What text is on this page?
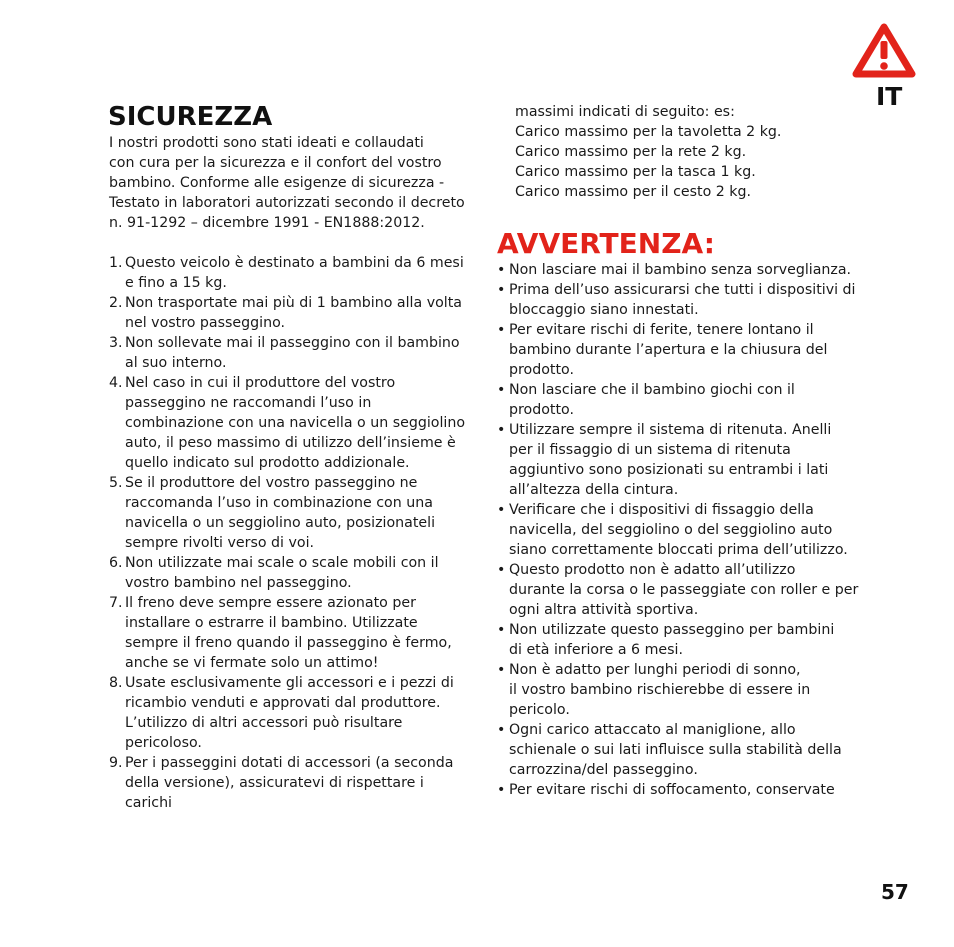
IT
SICUREZZA

I nostri prodotti sono stati ideati e collaudati

con cura per la sicurezza e il confort del vostro

bambino. Conforme alle esigenze di sicurezza -

Testato in laboratori autorizzati secondo il decreto

n. 91-1292 – dicembre 1991 - EN1888:2012.

1. Questo veicolo è destinato a bambini da 6 mesi
e fino a 15 kg.
2. Non trasportate mai più di 1 bambino alla volta
nel vostro passeggino.
3. Non sollevate mai il passeggino con il bambino
al suo interno.
4. Nel caso in cui il produttore del vostro
passeggino ne raccomandi l’uso in
combinazione con una navicella o un seggiolino
auto, il peso massimo di utilizzo dell’insieme è
quello indicato sul prodotto addizionale.
5. Se il produttore del vostro passeggino ne
raccomanda l’uso in combinazione con una
navicella o un seggiolino auto, posizionateli
sempre rivolti verso di voi.
6. Non utilizzate mai scale o scale mobili con il
vostro bambino nel passeggino.
7. Il freno deve sempre essere azionato per
installare o estrarre il bambino. Utilizzate
sempre il freno quando il passeggino è fermo,
anche se vi fermate solo un attimo!
8. Usate esclusivamente gli accessori e i pezzi di
ricambio venduti e approvati dal produttore.
L’utilizzo di altri accessori può risultare
pericoloso.
9. Per i passeggini dotati di accessori (a seconda
della versione), assicuratevi di rispettare i carichi

massimi indicati di seguito: es:

Carico massimo per la tavoletta 2 kg.

Carico massimo per la rete 2 kg.

Carico massimo per la tasca 1 kg.

Carico massimo per il cesto 2 kg.

AVVERTENZA:
• Non lasciare mai il bambino senza sorveglianza.
• Prima dell’uso assicurarsi che tutti i dispositivi di
bloccaggio siano innestati.
• Per evitare rischi di ferite, tenere lontano il
bambino durante l’apertura e la chiusura del
prodotto.
• Non lasciare che il bambino giochi con il
prodotto.
• Utilizzare sempre il sistema di ritenuta. Anelli
per il fissaggio di un sistema di ritenuta
aggiuntivo sono posizionati su entrambi i lati
all’altezza della cintura.
• Verificare che i dispositivi di fissaggio della
navicella, del seggiolino o del seggiolino auto
siano correttamente bloccati prima dell’utilizzo.
• Questo prodotto non è adatto all’utilizzo
durante la corsa o le passeggiate con roller e per
ogni altra attività sportiva.
• Non utilizzate questo passeggino per bambini
di età inferiore a 6 mesi.
• Non è adatto per lunghi periodi di sonno,
il vostro bambino rischierebbe di essere in
pericolo.
• Ogni carico attaccato al maniglione, allo
schienale o sui lati influisce sulla stabilità della
carrozzina/del passeggino.
• Per evitare rischi di soffocamento, conservate
57
